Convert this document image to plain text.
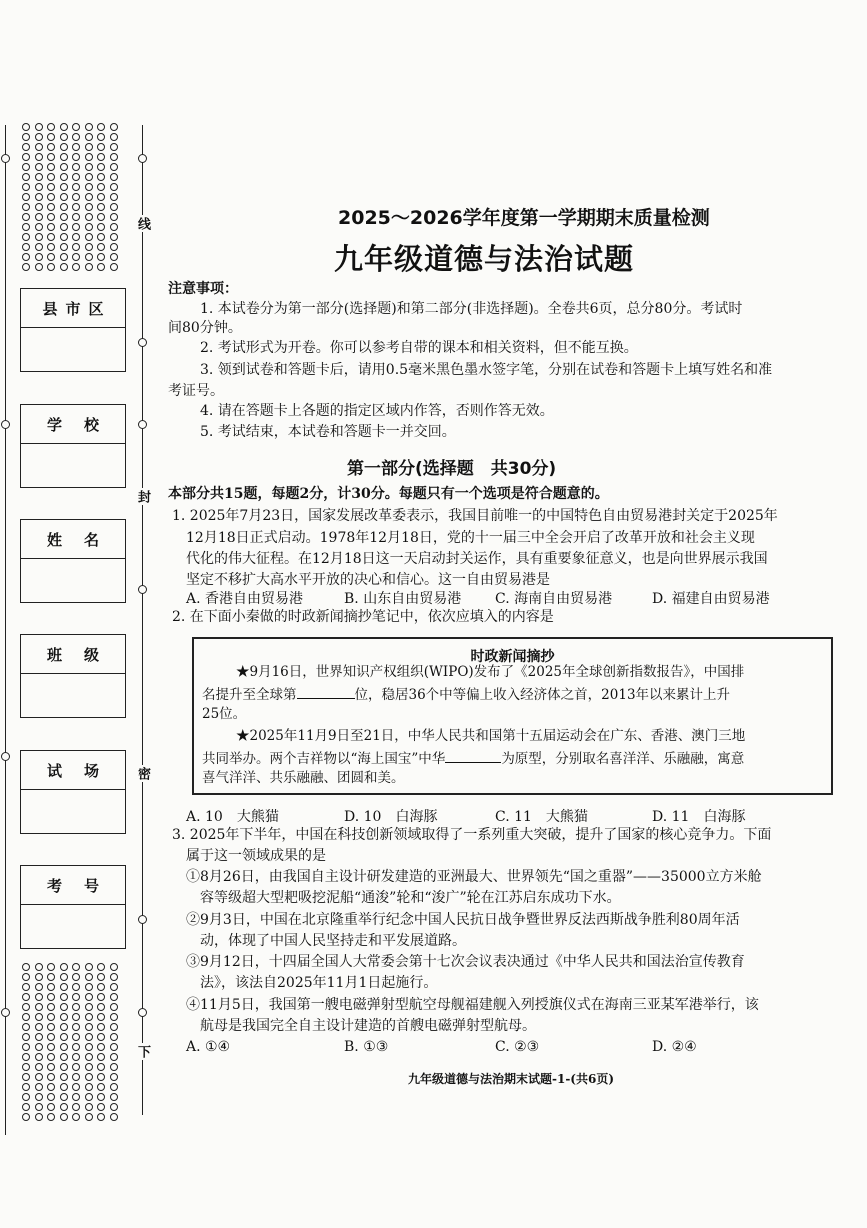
线
封
密
下
县市区
学校
姓名
班级
试场
考号
2025～2026学年度第一学期期末质量检测
九年级道德与法治试题
注意事项：
1. 本试卷分为第一部分(选择题)和第二部分(非选择题)。全卷共6页，总分80分。考试时
间80分钟。
2. 考试形式为开卷。你可以参考自带的课本和相关资料，但不能互换。
3. 领到试卷和答题卡后，请用0.5毫米黑色墨水签字笔，分别在试卷和答题卡上填写姓名和准
考证号。
4. 请在答题卡上各题的指定区域内作答，否则作答无效。
5. 考试结束，本试卷和答题卡一并交回。
第一部分(选择题　共30分)
本部分共15题，每题2分，计30分。每题只有一个选项是符合题意的。
1. 2025年7月23日，国家发展改革委表示，我国目前唯一的中国特色自由贸易港封关定于2025年
12月18日正式启动。1978年12月18日，党的十一届三中全会开启了改革开放和社会主义现
代化的伟大征程。在12月18日这一天启动封关运作，具有重要象征意义，也是向世界展示我国
坚定不移扩大高水平开放的决心和信心。这一自由贸易港是
A. 香港自由贸易港	B. 山东自由贸易港 C. 海南自由贸易港	D. 福建自由贸易港
2. 在下面小秦做的时政新闻摘抄笔记中，依次应填入的内容是
时政新闻摘抄
★9月16日，世界知识产权组织(WIPO)发布了《2025年全球创新指数报告》，中国排
名提升至全球第	位，稳居36个中等偏上收入经济体之首，2013年以来累计上升
25位。
★2025年11月9日至21日，中华人民共和国第十五届运动会在广东、香港、澳门三地
共同举办。两个吉祥物以“海上国宝”中华	为原型，分别取名喜洋洋、乐融融，寓意
喜气洋洋、共乐融融、团圆和美。
A. 10　大熊猫	D. 10　白海豚	C. 11　大熊猫	D. 11　白海豚
3. 2025年下半年，中国在科技创新领域取得了一系列重大突破，提升了国家的核心竞争力。下面
属于这一领域成果的是
①8月26日，由我国自主设计研发建造的亚洲最大、世界领先“国之重器”——35000立方米舱
容等级超大型耙吸挖泥船“通浚”轮和“浚广”轮在江苏启东成功下水。
②9月3日，中国在北京隆重举行纪念中国人民抗日战争暨世界反法西斯战争胜利80周年活
动，体现了中国人民坚持走和平发展道路。
③9月12日，十四届全国人大常委会第十七次会议表决通过《中华人民共和国法治宣传教育
法》，该法自2025年11月1日起施行。
④11月5日，我国第一艘电磁弹射型航空母舰福建舰入列授旗仪式在海南三亚某军港举行，该
航母是我国完全自主设计建造的首艘电磁弹射型航母。
A. ①④	B. ①③	C. ②③	D. ②④
九年级道德与法治期末试题-1-(共6页)
